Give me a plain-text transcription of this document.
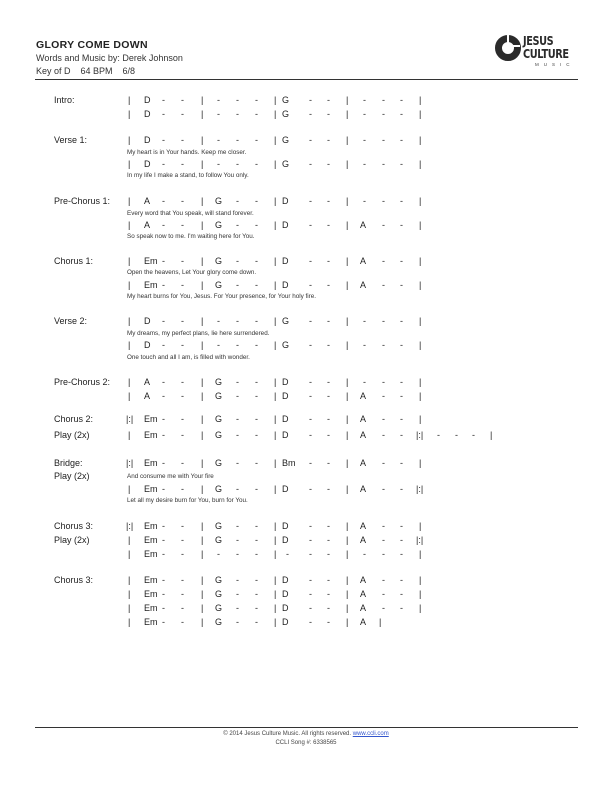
GLORY COME DOWN
Words and Music by: Derek Johnson
Key of D    64 BPM    6/8
JESUS
CULTURE
MUSIC
Intro:
Verse 1:
Pre-Chorus 1:
Chorus 1:
Verse 2:
Pre-Chorus 2:
Chorus 2:
Play (2x)
Bridge:
Play (2x)
Chorus 3:
Play (2x)
Chorus 3:
| D - - | - - - | G - - | - - - |
| D - - | - - - | G - - | - - - |
| D - - | - - - | G - - | - - - |
| D - - | - - - | G - - | - - - |
| A - - | G - - | D - - | - - - |
| A - - | G - - | D - - | A - - |
| Em - - | G - - | D - - | A - - |
| Em - - | G - - | D - - | A - - |
| D - - | - - - | G - - | - - - |
| D - - | - - - | G - - | - - - |
| A - - | G - - | D - - | - - - |
| A - - | G - - | D - - | A - - |
|:| Em - - | G - - | D - - | A - - |
| Em - - | G - - | D - - | A - - |:| - - - |
|:| Em - - | G - - | Bm - - | A - - |
| Em - - | G - - | D - - | A - - |:|
|:| Em - - | G - - | D - - | A - - |
| Em - - | G - - | D - - | A - - |:|
| Em - - | - - - | - - - | - - - |
| Em - - | G - - | D - - | A - - |
| Em - - | G - - | D - - | A - - |
| Em - - | G - - | D - - | A - - |
| Em - - | G - - | D - - | A |
My heart is in Your hands. Keep me closer.
In my life I make a stand, to follow You only.
Every word that You speak, will stand forever.
So speak now to me. I'm waiting here for You.
Open the heavens, Let Your glory come down.
My heart burns for You, Jesus. For Your presence, for Your holy fire.
My dreams, my perfect plans, lie here surrendered.
One touch and all I am, is filled with wonder.
And consume me with Your fire
Let all my desire burn for You, burn for You.
© 2014 Jesus Culture Music. All rights reserved. www.ccli.com
CCLI Song #: 6338565
